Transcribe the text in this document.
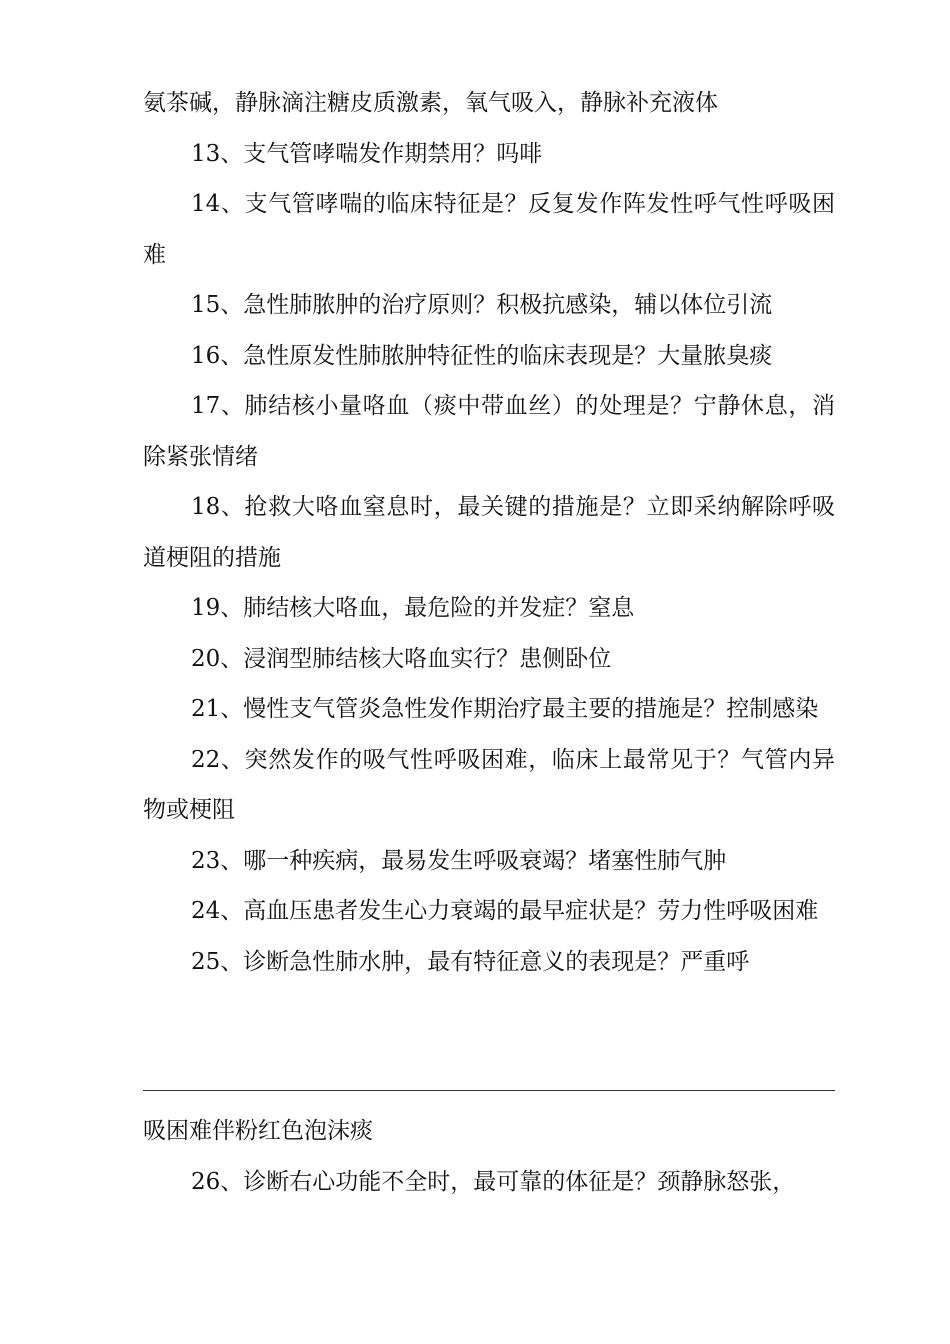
氨茶碱，静脉滴注糖皮质激素，氧气吸入，静脉补充液体

13、支气管哮喘发作期禁用？吗啡

14、支气管哮喘的临床特征是？反复发作阵发性呼气性呼吸困难

15、急性肺脓肿的治疗原则？积极抗感染，辅以体位引流

16、急性原发性肺脓肿特征性的临床表现是？大量脓臭痰

17、肺结核小量咯血（痰中带血丝）的处理是？宁静休息，消除紧张情绪

18、抢救大咯血窒息时，最关键的措施是？立即采纳解除呼吸道梗阻的措施

19、肺结核大咯血，最危险的并发症？窒息

20、浸润型肺结核大咯血实行？患侧卧位

21、慢性支气管炎急性发作期治疗最主要的措施是？控制感染

22、突然发作的吸气性呼吸困难，临床上最常见于？气管内异物或梗阻

23、哪一种疾病，最易发生呼吸衰竭？堵塞性肺气肿

24、高血压患者发生心力衰竭的最早症状是？劳力性呼吸困难

25、诊断急性肺水肿，最有特征意义的表现是？严重呼

吸困难伴粉红色泡沫痰

26、诊断右心功能不全时，最可靠的体征是？颈静脉怒张，
